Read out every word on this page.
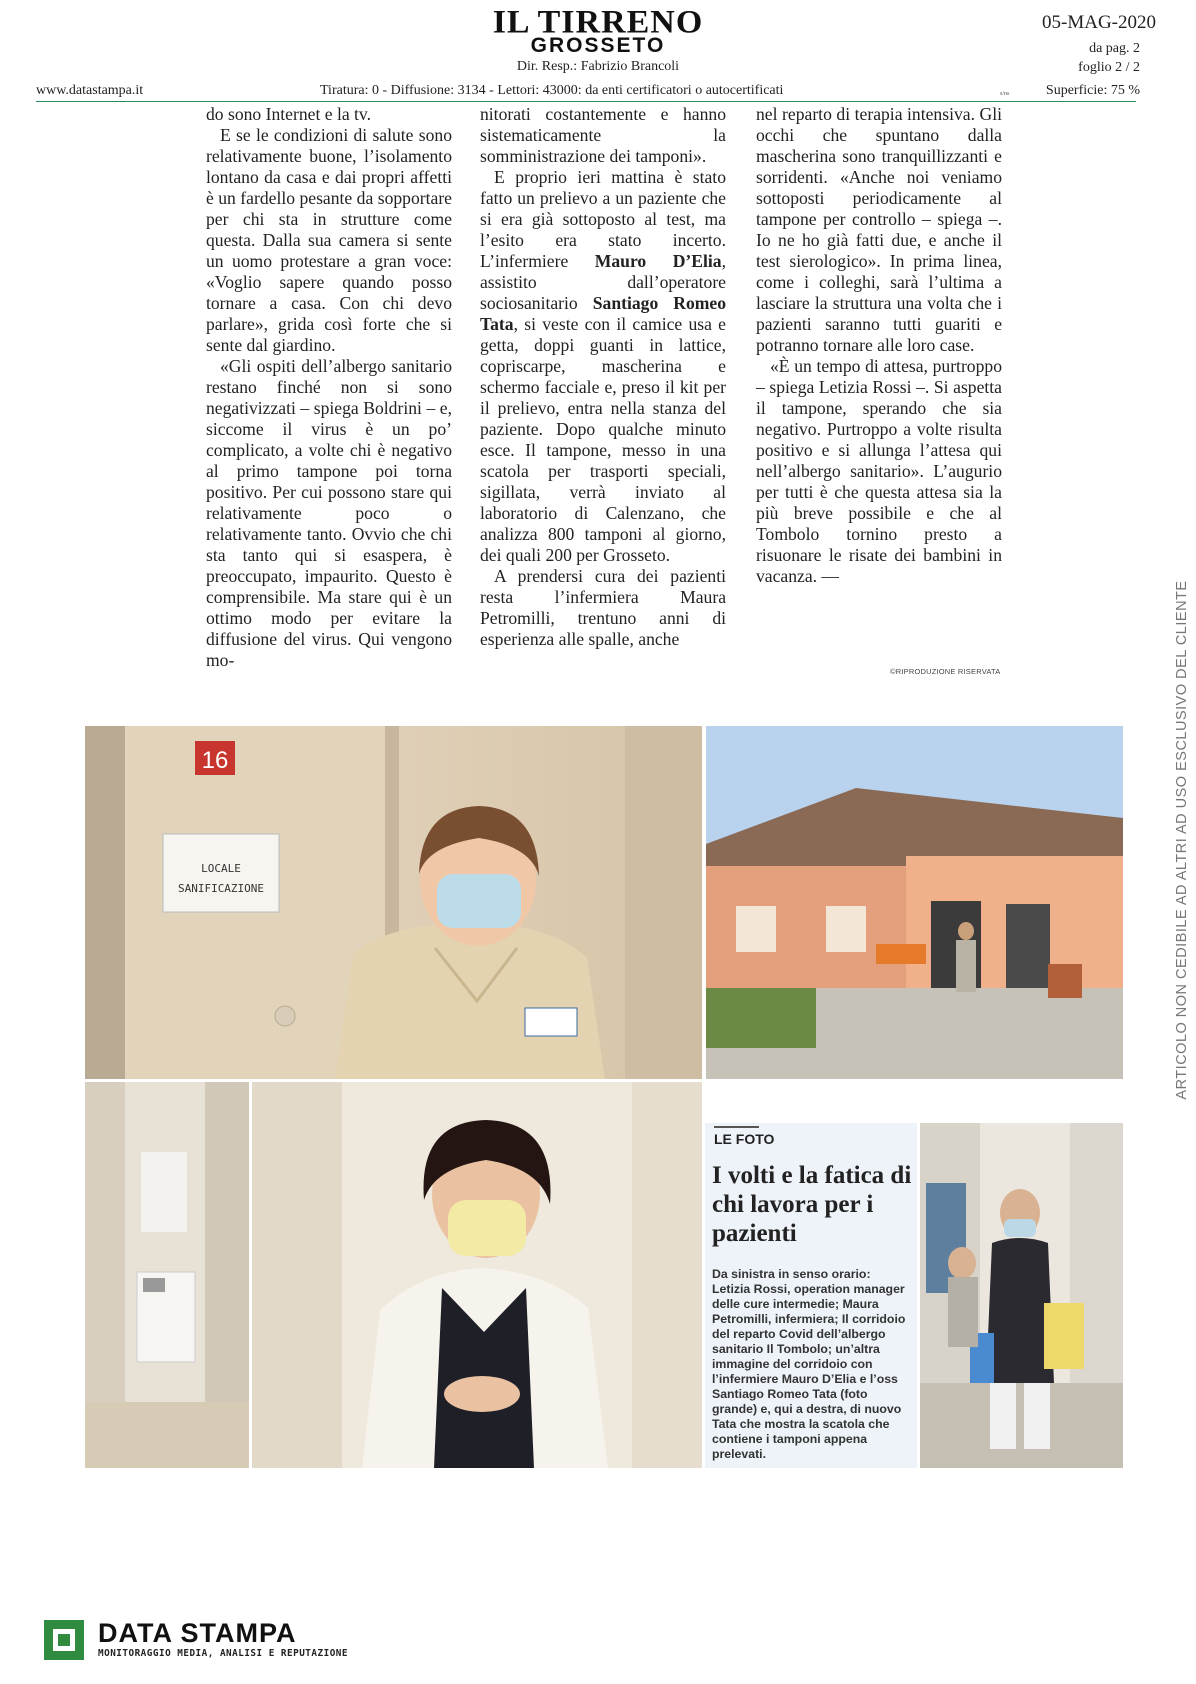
IL TIRRENO
GROSSETO
Dir. Resp.: Fabrizio Brancoli
05-MAG-2020
da pag. 2
foglio 2 / 2
www.datastampa.it	Tiratura: 0 - Diffusione: 3134 - Lettori: 43000: da enti certificatori o autocertificati	s/ns	Superficie: 75 %

do sono Internet e la tv.

E se le condizioni di salute sono relativamente buone, l’isolamento lontano da casa e dai propri affetti è un fardello pesante da sopportare per chi sta in strutture come questa. Dalla sua camera si sente un uomo protestare a gran voce: «Voglio sapere quando posso tornare a casa. Con chi devo parlare», grida così forte che si sente dal giardino.

«Gli ospiti dell’albergo sanitario restano finché non si sono negativizzati – spiega Boldrini – e, siccome il virus è un po’ complicato, a volte chi è negativo al primo tampone poi torna positivo. Per cui possono stare qui relativamente poco o relativamente tanto. Ovvio che chi sta tanto qui si esaspera, è preoccupato, impaurito. Questo è comprensibile. Ma stare qui è un ottimo modo per evitare la diffusione del virus. Qui vengono mo-

nitorati costantemente e hanno sistematicamente la somministrazione dei tamponi».

E proprio ieri mattina è stato fatto un prelievo a un paziente che si era già sottoposto al test, ma l’esito era stato incerto. L’infermiere Mauro D’Elia, assistito dall’operatore sociosanitario Santiago Romeo Tata, si veste con il camice usa e getta, doppi guanti in lattice, copriscarpe, mascherina e schermo facciale e, preso il kit per il prelievo, entra nella stanza del paziente. Dopo qualche minuto esce. Il tampone, messo in una scatola per trasporti speciali, sigillata, verrà inviato al laboratorio di Calenzano, che analizza 800 tamponi al giorno, dei quali 200 per Grosseto.

A prendersi cura dei pazienti resta l’infermiera Maura Petromilli, trentuno anni di esperienza alle spalle, anche

nel reparto di terapia intensiva. Gli occhi che spuntano dalla mascherina sono tranquillizzanti e sorridenti. «Anche noi veniamo sottoposti periodicamente al tampone per controllo – spiega –. Io ne ho già fatti due, e anche il test sierologico». In prima linea, come i colleghi, sarà l’ultima a lasciare la struttura una volta che i pazienti saranno tutti guariti e potranno tornare alle loro case.

«È un tempo di attesa, purtroppo – spiega Letizia Rossi –. Si aspetta il tampone, sperando che sia negativo. Purtroppo a volte risulta positivo e si allunga l’attesa qui nell’albergo sanitario». L’augurio per tutti è che questa attesa sia la più breve possibile e che al Tombolo tornino presto a risuonare le risate dei bambini in vacanza. —

©RIPRODUZIONE RISERVATA
16
LOCALE
SANIFICAZIONE
LE FOTO
I volti e la fatica di chi lavora per i pazienti
Da sinistra in senso orario: Letizia Rossi, operation manager delle cure intermedie; Maura Petromilli, infermiera; Il corridoio del reparto Covid dell’albergo sanitario Il Tombolo; un’altra immagine del corridoio con l’infermiere Mauro D’Elia e l’oss Santiago Romeo Tata (foto grande) e, qui a destra, di nuovo Tata che mostra la scatola che contiene i tamponi appena prelevati.
ARTICOLO NON CEDIBILE AD ALTRI AD USO ESCLUSIVO DEL CLIENTE
DATA STAMPA
MONITORAGGIO MEDIA, ANALISI E REPUTAZIONE
